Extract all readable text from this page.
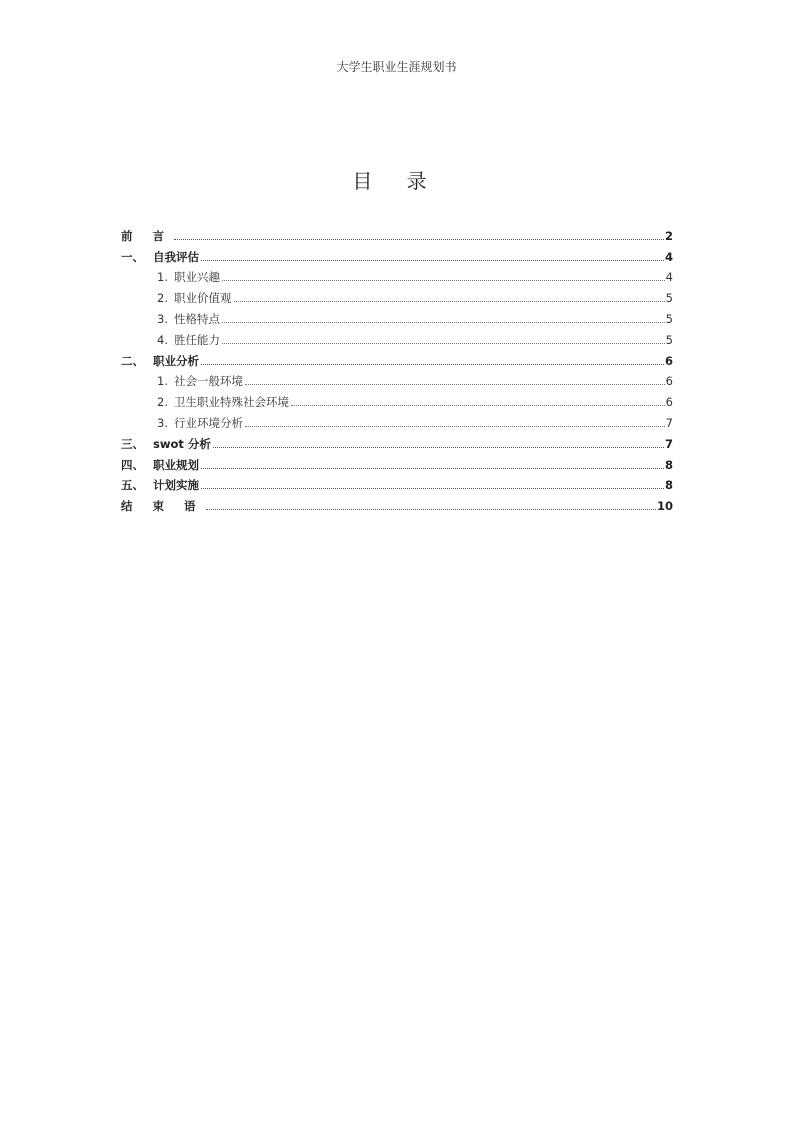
大学生职业生涯规划书
目 录
前 言	2
一、 自我评估	4
1. 职业兴趣	4
2. 职业价值观	5
3. 性格特点	5
4. 胜任能力	5
二、 职业分析	6
1. 社会一般环境	6
2. 卫生职业特殊社会环境	6
3. 行业环境分析	7
三、 swot 分析	7
四、 职业规划	8
五、 计划实施	8
结 束 语	10
